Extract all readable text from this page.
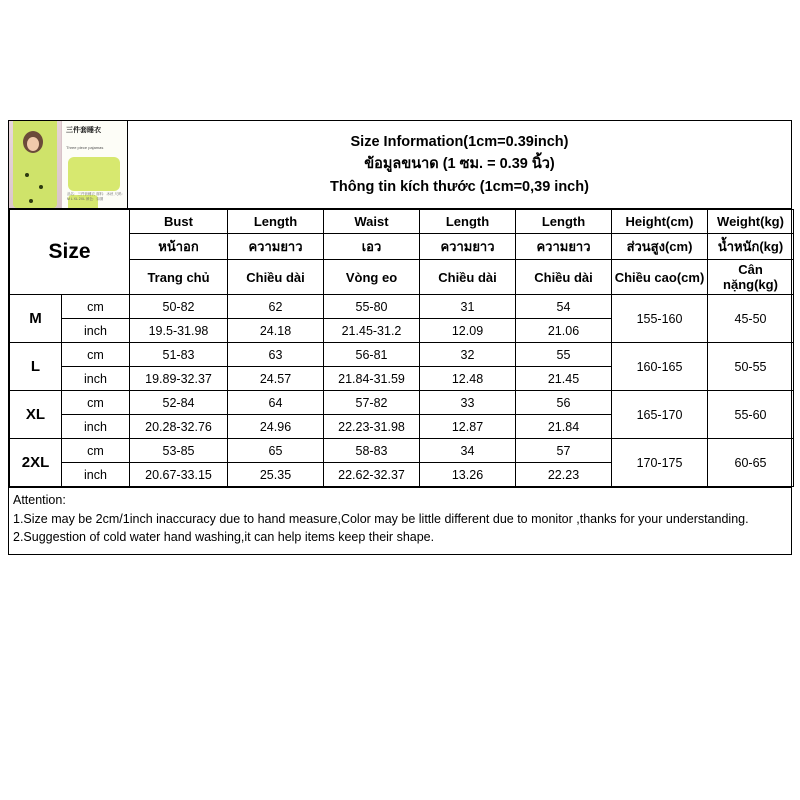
三件套睡衣
Three piece pajamas
品名：三件套睡衣 面料：冰丝 尺码：M L XL 2XL 颜色：如图
Size Information(1cm=0.39inch)
ข้อมูลขนาด (1 ซม. = 0.39 นิ้ว)
Thông tin kích thước (1cm=0,39 inch)
Size		Bust	Length	Waist	Length	Length	Height(cm)	Weight(kg)
		หน้าอก	ความยาว	เอว	ความยาว	ความยาว	ส่วนสูง(cm)	น้ำหนัก(kg)
		Trang chủ	Chiều dài	Vòng eo	Chiều dài	Chiều dài	Chiều cao(cm)	Cân nặng(kg)
M	cm	50-82	62	55-80	31	54	155-160	45-50
	inch	19.5-31.98	24.18	21.45-31.2	12.09	21.06		
L	cm	51-83	63	56-81	32	55	160-165	50-55
	inch	19.89-32.37	24.57	21.84-31.59	12.48	21.45		
XL	cm	52-84	64	57-82	33	56	165-170	55-60
	inch	20.28-32.76	24.96	22.23-31.98	12.87	21.84		
2XL	cm	53-85	65	58-83	34	57	170-175	60-65
	inch	20.67-33.15	25.35	22.62-32.37	13.26	22.23		
Attention:
1.Size may be 2cm/1inch inaccuracy due to hand measure,Color may be little different due to monitor ,thanks for your understanding.
2.Suggestion of cold water hand washing,it can help items keep their shape.
